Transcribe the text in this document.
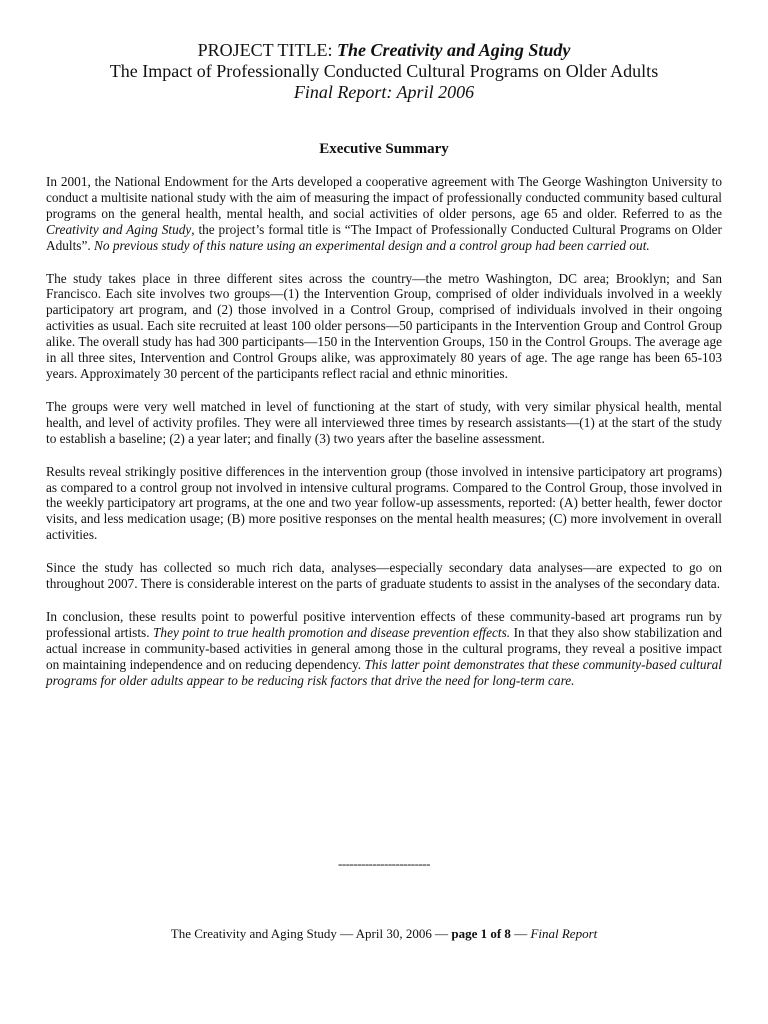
PROJECT TITLE: The Creativity and Aging Study
The Impact of Professionally Conducted Cultural Programs on Older Adults
Final Report: April 2006
Executive Summary

In 2001, the National Endowment for the Arts developed a cooperative agreement with The George Washington University to conduct a multisite national study with the aim of measuring the impact of professionally conducted community based cultural programs on the general health, mental health, and social activities of older persons, age 65 and older. Referred to as the Creativity and Aging Study, the project’s formal title is “The Impact of Professionally Conducted Cultural Programs on Older Adults”. No previous study of this nature using an experimental design and a control group had been carried out.

The study takes place in three different sites across the country—the metro Washington, DC area; Brooklyn; and San Francisco. Each site involves two groups—(1) the Intervention Group, comprised of older individuals involved in a weekly participatory art program, and (2) those involved in a Control Group, comprised of individuals involved in their ongoing activities as usual. Each site recruited at least 100 older persons—50 participants in the Intervention Group and Control Group alike. The overall study has had 300 participants—150 in the Intervention Groups, 150 in the Control Groups. The average age in all three sites, Intervention and Control Groups alike, was approximately 80 years of age. The age range has been 65-103 years. Approximately 30 percent of the participants reflect racial and ethnic minorities.

The groups were very well matched in level of functioning at the start of study, with very similar physical health, mental health, and level of activity profiles. They were all interviewed three times by research assistants—(1) at the start of the study to establish a baseline; (2) a year later; and finally (3) two years after the baseline assessment.

Results reveal strikingly positive differences in the intervention group (those involved in intensive participatory art programs) as compared to a control group not involved in intensive cultural programs. Compared to the Control Group, those involved in the weekly participatory art programs, at the one and two year follow-up assessments, reported: (A) better health, fewer doctor visits, and less medication usage; (B) more positive responses on the mental health measures; (C) more involvement in overall activities.

Since the study has collected so much rich data, analyses—especially secondary data analyses—are expected to go on throughout 2007. There is considerable interest on the parts of graduate students to assist in the analyses of the secondary data.

In conclusion, these results point to powerful positive intervention effects of these community-based art programs run by professional artists. They point to true health promotion and disease prevention effects. In that they also show stabilization and actual increase in community-based activities in general among those in the cultural programs, they reveal a positive impact on maintaining independence and on reducing dependency. This latter point demonstrates that these community-based cultural programs for older adults appear to be reducing risk factors that drive the need for long-term care.

------------------------
The Creativity and Aging Study — April 30, 2006 — page 1 of 8 — Final Report
